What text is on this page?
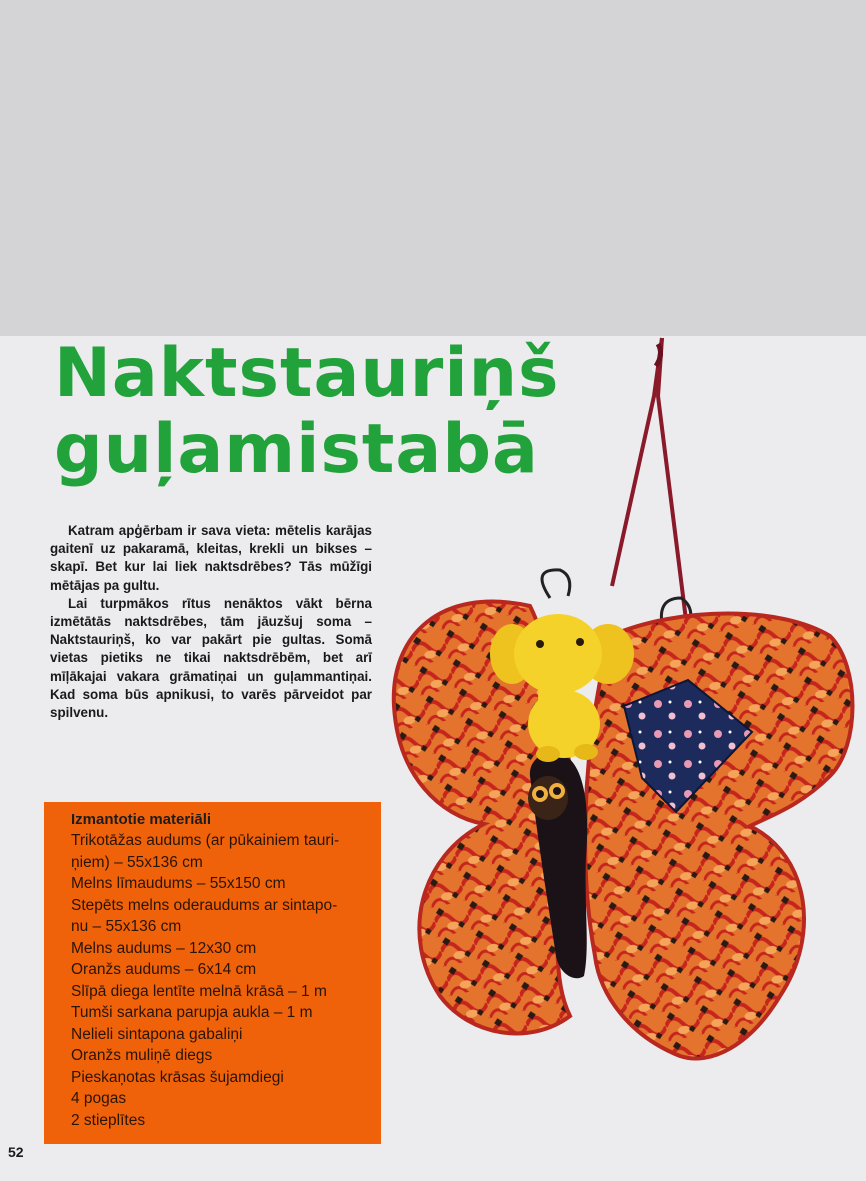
Naktstauriņš
guļamistabā

Katram apģērbam ir sava vieta: mētelis karājas gaitenī uz pakaramā, kleitas, krekli un bikses – skapī. Bet kur lai liek naktsdrēbes? Tās mūžīgi mētājas pa gultu.

Lai turpmākos rītus nenāktos vākt bērna izmētātās naktsdrēbes, tām jāuzšuj soma – Naktstauriņš, ko var pakārt pie gultas. Somā vietas pietiks ne tikai naktsdrēbēm, bet arī mīļākajai vakara grāmatiņai un guļammantiņai. Kad soma būs apnikusi, to varēs pārveidot par spilvenu.

Izmantotie materiāli
Trikotāžas audums (ar pūkainiem tauri-
ņiem) – 55x136 cm
Melns līmaudums – 55x150 cm
Stepēts melns oderaudums ar sintapo-
nu – 55x136 cm
Melns audums – 12x30 cm
Oranžs audums – 6x14 cm
Slīpā diega lentīte melnā krāsā – 1 m
Tumši sarkana parupja aukla – 1 m
Nelieli sintapona gabaliņi
Oranžs muliņē diegs
Pieskaņotas krāsas šujamdiegi
4 pogas
2 stieplītes
52
